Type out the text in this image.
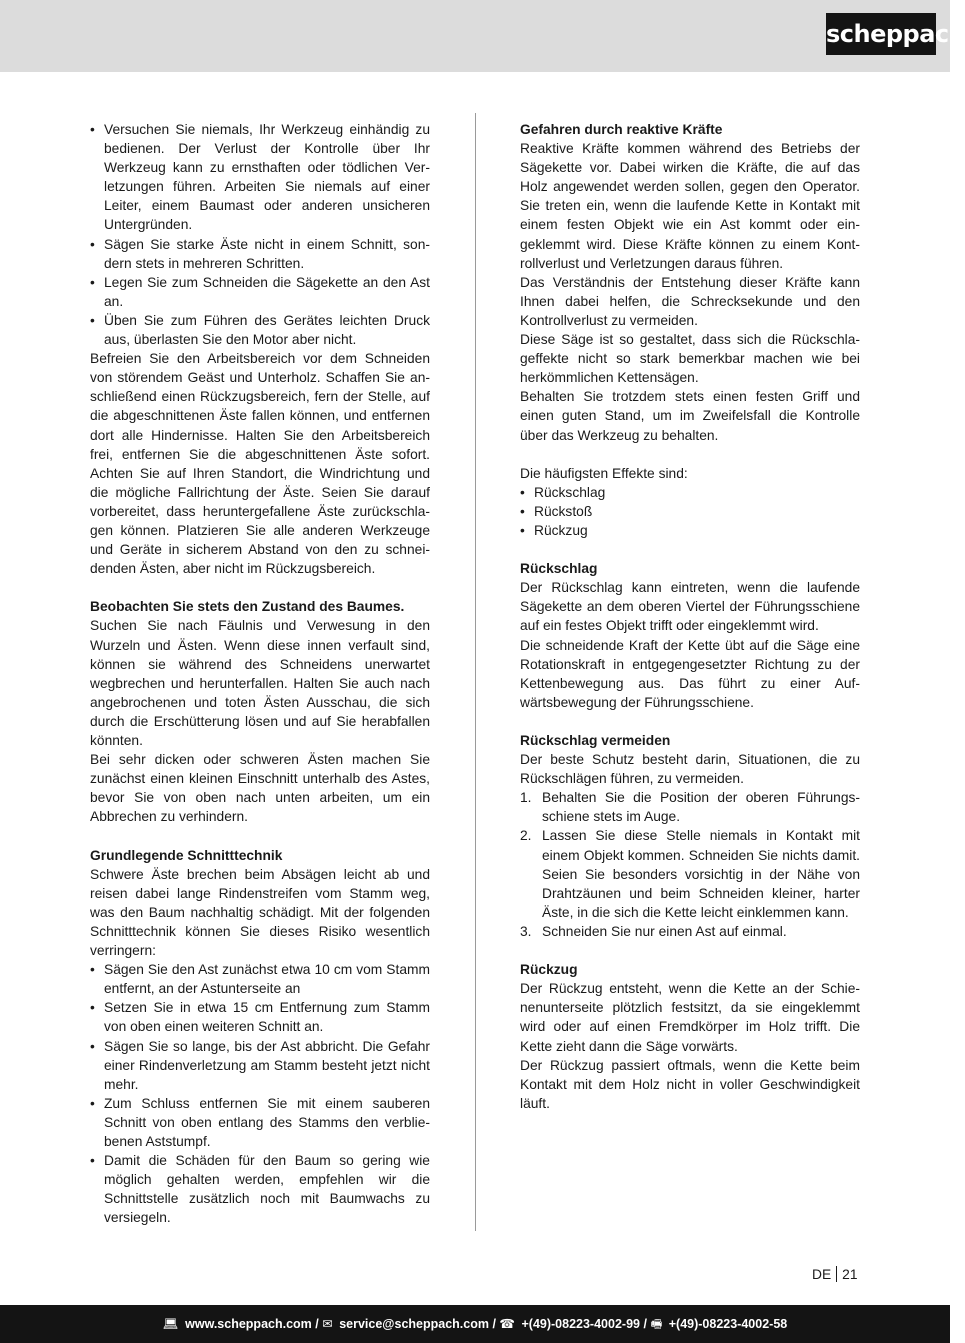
scheppach
• Versuchen Sie niemals, Ihr Werkzeug einhändig zu bedienen. Der Verlust der Kontrolle über Ihr Werkzeug kann zu ernsthaften oder tödlichen Verletzungen führen. Arbeiten Sie niemals auf einer Leiter, einem Baumast oder anderen unsicheren Untergründen.
• Sägen Sie starke Äste nicht in einem Schnitt, sondern stets in mehreren Schritten.
• Legen Sie zum Schneiden die Sägekette an den Ast an.
• Üben Sie zum Führen des Gerätes leichten Druck aus, überlasten Sie den Motor aber nicht.

Befreien Sie den Arbeitsbereich vor dem Schneiden von störendem Geäst und Unterholz. Schaffen Sie anschließend einen Rückzugsbereich, fern der Stelle, auf die abgeschnittenen Äste fallen können, und entfernen dort alle Hindernisse. Halten Sie den Arbeitsbereich frei, entfernen Sie die abgeschnittenen Äste sofort. Achten Sie auf Ihren Standort, die Windrichtung und die mögliche Fallrichtung der Äste. Seien Sie darauf vorbereitet, dass heruntergefallene Äste zurückschlagen können. Platzieren Sie alle anderen Werkzeuge und Geräte in sicherem Abstand von den zu schneidenden Ästen, aber nicht im Rückzugsbereich.

Beobachten Sie stets den Zustand des Baumes.

Suchen Sie nach Fäulnis und Verwesung in den Wurzeln und Ästen. Wenn diese innen verfault sind, können sie während des Schneidens unerwartet wegbrechen und herunterfallen. Halten Sie auch nach angebrochenen und toten Ästen Ausschau, die sich durch die Erschütterung lösen und auf Sie herabfallen könnten.

Bei sehr dicken oder schweren Ästen machen Sie zunächst einen kleinen Einschnitt unterhalb des Astes, bevor Sie von oben nach unten arbeiten, um ein Abbrechen zu verhindern.

Grundlegende Schnitttechnik

Schwere Äste brechen beim Absägen leicht ab und reisen dabei lange Rindenstreifen vom Stamm weg, was den Baum nachhaltig schädigt. Mit der folgenden Schnitttechnik können Sie dieses Risiko wesentlich verringern:

• Sägen Sie den Ast zunächst etwa 10 cm vom Stamm entfernt, an der Astunterseite an
• Setzen Sie in etwa 15 cm Entfernung zum Stamm von oben einen weiteren Schnitt an.
• Sägen Sie so lange, bis der Ast abbricht. Die Gefahr einer Rindenverletzung am Stamm besteht jetzt nicht mehr.
• Zum Schluss entfernen Sie mit einem sauberen Schnitt von oben entlang des Stamms den verbliebenen Aststumpf.
• Damit die Schäden für den Baum so gering wie möglich gehalten werden, empfehlen wir die Schnittstelle zusätzlich noch mit Baumwachs zu versiegeln.

Gefahren durch reaktive Kräfte

Reaktive Kräfte kommen während des Betriebs der Sägekette vor. Dabei wirken die Kräfte, die auf das Holz angewendet werden sollen, gegen den Operator. Sie treten ein, wenn die laufende Kette in Kontakt mit einem festen Objekt wie ein Ast kommt oder eingeklemmt wird. Diese Kräfte können zu einem Kontrollverlust und Verletzungen daraus führen.

Das Verständnis der Entstehung dieser Kräfte kann Ihnen dabei helfen, die Schrecksekunde und den Kontrollverlust zu vermeiden.

Diese Säge ist so gestaltet, dass sich die Rückschlageffekte nicht so stark bemerkbar machen wie bei herkömmlichen Kettensägen.

Behalten Sie trotzdem stets einen festen Griff und einen guten Stand, um im Zweifelsfall die Kontrolle über das Werkzeug zu behalten.

Die häufigsten Effekte sind:

• Rückschlag
• Rückstoß
• Rückzug

Rückschlag

Der Rückschlag kann eintreten, wenn die laufende Sägekette an dem oberen Viertel der Führungsschiene auf ein festes Objekt trifft oder eingeklemmt wird.

Die schneidende Kraft der Kette übt auf die Säge eine Rotationskraft in entgegengesetzter Richtung zu der Kettenbewegung aus. Das führt zu einer Aufwärtsbewegung der Führungsschiene.

Rückschlag vermeiden

Der beste Schutz besteht darin, Situationen, die zu Rückschlägen führen, zu vermeiden.

1. Behalten Sie die Position der oberen Führungsschiene stets im Auge.
2. Lassen Sie diese Stelle niemals in Kontakt mit einem Objekt kommen. Schneiden Sie nichts damit. Seien Sie besonders vorsichtig in der Nähe von Drahtzäunen und beim Schneiden kleiner, harter Äste, in die sich die Kette leicht einklemmen kann.
3. Schneiden Sie nur einen Ast auf einmal.

Rückzug

Der Rückzug entsteht, wenn die Kette an der Schienenunterseite plötzlich festsitzt, da sie eingeklemmt wird oder auf einen Fremdkörper im Holz trifft. Die Kette zieht dann die Säge vorwärts.

Der Rückzug passiert oftmals, wenn die Kette beim Kontakt mit dem Holz nicht in voller Geschwindigkeit läuft.

DE 21
💻︎ www.scheppach.com / ✉︎ service@scheppach.com / ☎︎ +(49)-08223-4002-99 / 🖷︎ +(49)-08223-4002-58
